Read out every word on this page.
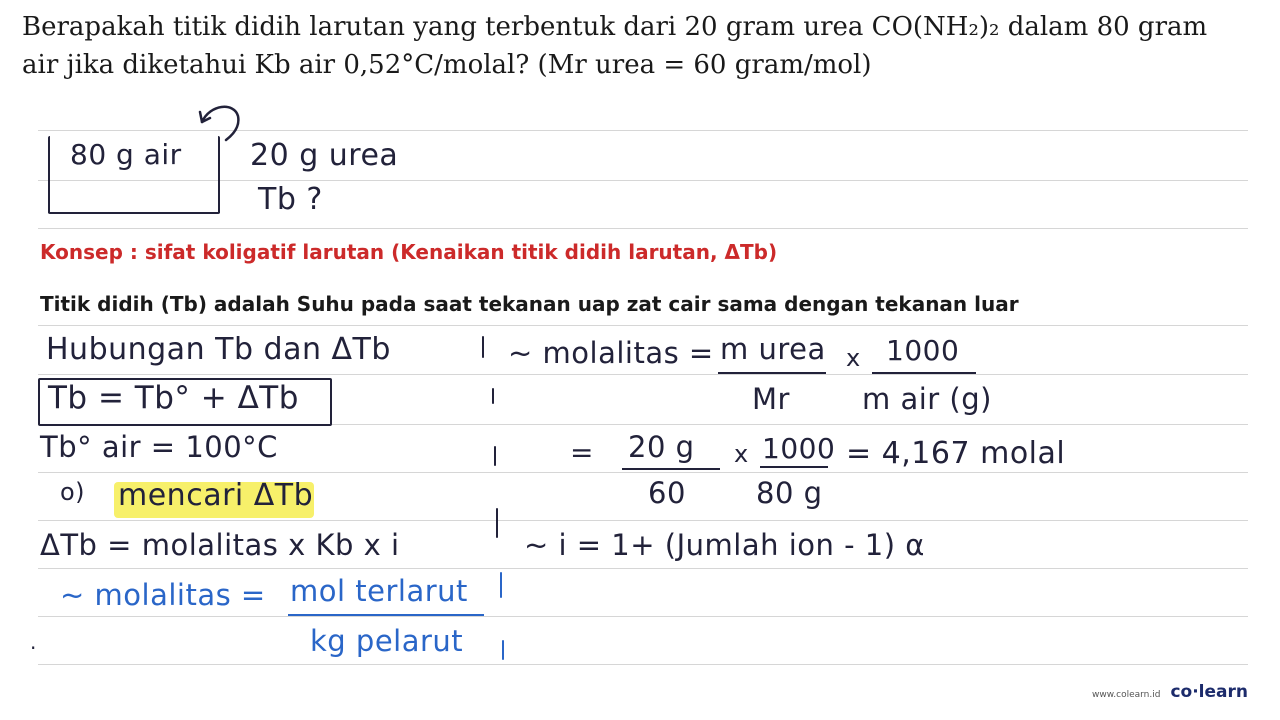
Berapakah titik didih larutan yang terbentuk dari 20 gram urea CO(NH₂)₂ dalam 80 gram
air jika diketahui Kb air 0,52°C/molal? (Mr urea = 60 gram/mol)
80 g air 20 g urea
Tb ?
Konsep : sifat koligatif larutan (Kenaikan titik didih larutan, ΔTb)
Titik didih (Tb) adalah Suhu pada saat tekanan uap zat cair sama dengan tekanan luar
Hubungan Tb dan ΔTb
Tb = Tb° + ΔTb
Tb° air = 100°C
o) mencari ΔTb
ΔTb = molalitas x Kb x i
~ molalitas = mol terlarut
kg pelarut
·
~ molalitas = m urea
Mr
x 1000
m air (g)
= 20 g
60
x 1000
80 g
= 4,167 molal
~ i = 1+ (Jumlah ion - 1) α
www.colearn.id co·learn
